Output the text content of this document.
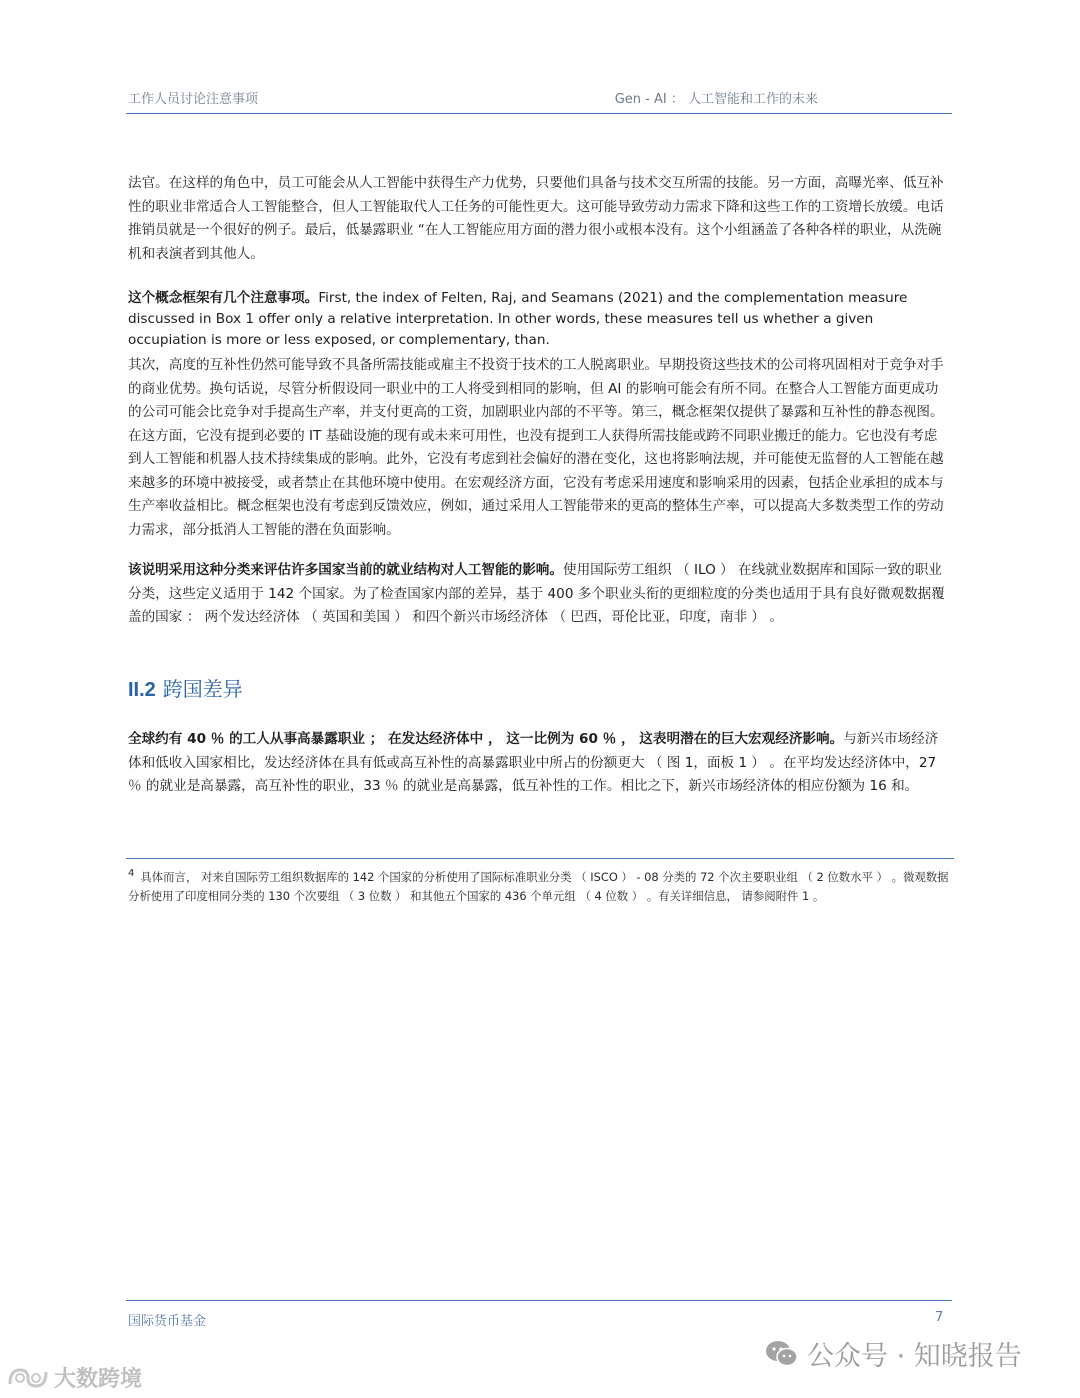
工作人员讨论注意事项	Gen - AI ： 人工智能和工作的未来

法官。在这样的角色中，员工可能会从人工智能中获得生产力优势，只要他们具备与技术交互所需的技能。另一方面，高曝光率、低互补性的职业非常适合人工智能整合，但人工智能取代人工任务的可能性更大。这可能导致劳动力需求下降和这些工作的工资增长放缓。电话推销员就是一个很好的例子。最后，低暴露职业 “在人工智能应用方面的潜力很小或根本没有。这个小组涵盖了各种各样的职业，从洗碗机和表演者到其他人。

这个概念框架有几个注意事项。First, the index of Felten, Raj, and Seamans (2021) and the complementation measure discussed in Box 1 offer only a relative interpretation. In other words, these measures tell us whether a given occupiation is more or less exposed, or complementary, than.

其次，高度的互补性仍然可能导致不具备所需技能或雇主不投资于技术的工人脱离职业。早期投资这些技术的公司将巩固相对于竞争对手的商业优势。换句话说，尽管分析假设同一职业中的工人将受到相同的影响，但 AI 的影响可能会有所不同。在整合人工智能方面更成功的公司可能会比竞争对手提高生产率，并支付更高的工资，加剧职业内部的不平等。第三，概念框架仅提供了暴露和互补性的静态视图。在这方面，它没有提到必要的 IT 基础设施的现有或未来可用性，也没有提到工人获得所需技能或跨不同职业搬迁的能力。它也没有考虑到人工智能和机器人技术持续集成的影响。此外，它没有考虑到社会偏好的潜在变化，这也将影响法规，并可能使无监督的人工智能在越来越多的环境中被接受，或者禁止在其他环境中使用。在宏观经济方面，它没有考虑采用速度和影响采用的因素，包括企业承担的成本与生产率收益相比。概念框架也没有考虑到反馈效应，例如，通过采用人工智能带来的更高的整体生产率，可以提高大多数类型工作的劳动力需求，部分抵消人工智能的潜在负面影响。

该说明采用这种分类来评估许多国家当前的就业结构对人工智能的影响。使用国际劳工组织 （ ILO ） 在线就业数据库和国际一致的职业分类，这些定义适用于 142 个国家。为了检查国家内部的差异，基于 400 多个职业头衔的更细粒度的分类也适用于具有良好微观数据覆盖的国家 ： 两个发达经济体 （ 英国和美国 ） 和四个新兴市场经济体 （ 巴西，哥伦比亚，印度，南非 ） 。

II.2 跨国差异

全球约有 40 ％ 的工人从事高暴露职业 ； 在发达经济体中 ， 这一比例为 60 ％ ， 这表明潜在的巨大宏观经济影响。与新兴市场经济体和低收入国家相比，发达经济体在具有低或高互补性的高暴露职业中所占的份额更大 （ 图 1，面板 1 ） 。在平均发达经济体中，27 ％ 的就业是高暴露，高互补性的职业，33 ％ 的就业是高暴露，低互补性的工作。相比之下，新兴市场经济体的相应份额为 16 和。

$^4$ 具体而言， 对来自国际劳工组织数据库的 142 个国家的分析使用了国际标准职业分类 （ ISCO ） - 08 分类的 72 个次主要职业组 （ 2 位数水平 ） 。微观数据分析使用了印度相同分类的 130 个次要组 （ 3 位数 ） 和其他五个国家的 436 个单元组 （ 4 位数 ） 。有关详细信息， 请参阅附件 1 。

国际货币基金	7
公众号 · 知晓报告
大数跨境
